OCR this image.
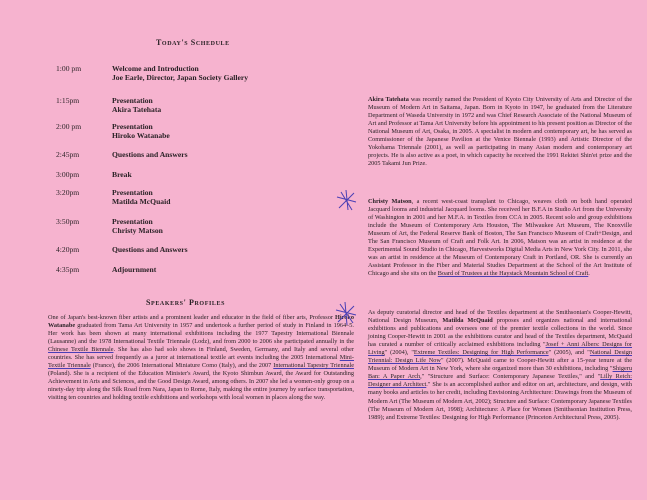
Today's Schedule
1:00 pm	Welcome and Introduction
Joe Earle, Director, Japan Society Gallery
1:15pm	Presentation
Akira Tatehata
2:00 pm	Presentation
Hiroko Watanabe
2:45pm	Questions and Answers
3:00pm	Break
3:20pm	Presentation
Matilda McQuaid
3:50pm	Presentation
Christy Matson
4:20pm	Questions and Answers
4:35pm	Adjournment
Speakers' Profiles
One of Japan's best-known fiber artists and a prominent leader and educator in the field of fiber arts, Professor Hiroko Watanabe graduated from Tama Art University in 1957 and undertook a further period of study in Finland in 1964–5. Her work has been shown at many international exhibitions including the 1977 Tapestry International Biennale (Lausanne) and the 1978 International Textile Triennale (Lodz), and from 2000 to 2006 she participated annually in the Chinese Textile Biennale. She has also had solo shows in Finland, Sweden, Germany, and Italy and several other countries. She has served frequently as a juror at international textile art events including the 2005 International Mini-Textile Triennale (France), the 2006 International Miniature Como (Italy), and the 2007 International Tapestry Triennale (Poland). She is a recipient of the Education Minister's Award, the Kyoto Shimbun Award, the Award for Outstanding Achievement in Arts and Sciences, and the Good Design Award, among others. In 2007 she led a women-only group on a ninety-day trip along the Silk Road from Nara, Japan to Rome, Italy, making the entire journey by surface transportation, visiting ten countries and holding textile exhibitions and workshops with local women in places along the way.
Akira Tatehata was recently named the President of Kyoto City University of Arts and Director of the Museum of Modern Art in Saitama, Japan. Born in Kyoto in 1947, he graduated from the Literature Department of Waseda University in 1972 and was Chief Research Associate of the National Museum of Art and Professor at Tama Art University before his appointment to his present position as Director of the National Museum of Art, Osaka, in 2005. A specialist in modern and contemporary art, he has served as Commissioner of the Japanese Pavilion at the Venice Biennale (1993) and Artistic Director of the Yokohama Triennale (2001), as well as participating in many Asian modern and contemporary art projects. He is also active as a poet, in which capacity he received the 1991 Rekitei Shin'ei prize and the 2005 Takami Jun Prize.
Christy Matson, a recent west-coast transplant to Chicago, weaves cloth on both hand operated Jacquard looms and industrial Jacquard looms. She received her B.F.A in Studio Art from the University of Washington in 2001 and her M.F.A. in Textiles from CCA in 2005. Recent solo and group exhibitions include the Museum of Contemporary Arts Houston, The Milwaukee Art Museum, The Knoxville Museum of Art, the Federal Reserve Bank of Boston, The San Francisco Museum of Craft+Design, and The San Francisco Museum of Craft and Folk Art. In 2006, Matson was an artist in residence at the Experimental Sound Studio in Chicago, Harvestworks Digital Media Arts in New York City. In 2011, she was an artist in residence at the Museum of Contemporary Craft in Portland, OR. She is currently an Assistant Professor in the Fiber and Material Studies Department at the School of the Art Institute of Chicago and she sits on the Board of Trustees at the Haystack Mountain School of Craft.
As deputy curatorial director and head of the Textiles department at the Smithsonian's Cooper-Hewitt, National Design Museum, Matilda McQuaid proposes and organizes national and international exhibitions and publications and oversees one of the premier textile collections in the world. Since joining Cooper-Hewitt in 2001 as the exhibitions curator and head of the Textiles department, McQuaid has curated a number of critically acclaimed exhibitions including "Josef + Anni Albers: Designs for Living" (2004), "Extreme Textiles: Designing for High Performance" (2005), and "National Design Triennial: Design Life Now" (2007). McQuaid came to Cooper-Hewitt after a 15-year tenure at the Museum of Modern Art in New York, where she organized more than 30 exhibitions, including "Shigeru Ban: A Paper Arch," "Structure and Surface: Contemporary Japanese Textiles," and "Lilly Reich: Designer and Architect." She is an accomplished author and editor on art, architecture, and design, with many books and articles to her credit, including Envisioning Architecture: Drawings from the Museum of Modern Art (The Museum of Modern Art, 2002); Structure and Surface: Contemporary Japanese Textiles (The Museum of Modern Art, 1998); Architecture: A Place for Women (Smithsonian Institution Press, 1989); and Extreme Textiles: Designing for High Performance (Princeton Architectural Press, 2005).
